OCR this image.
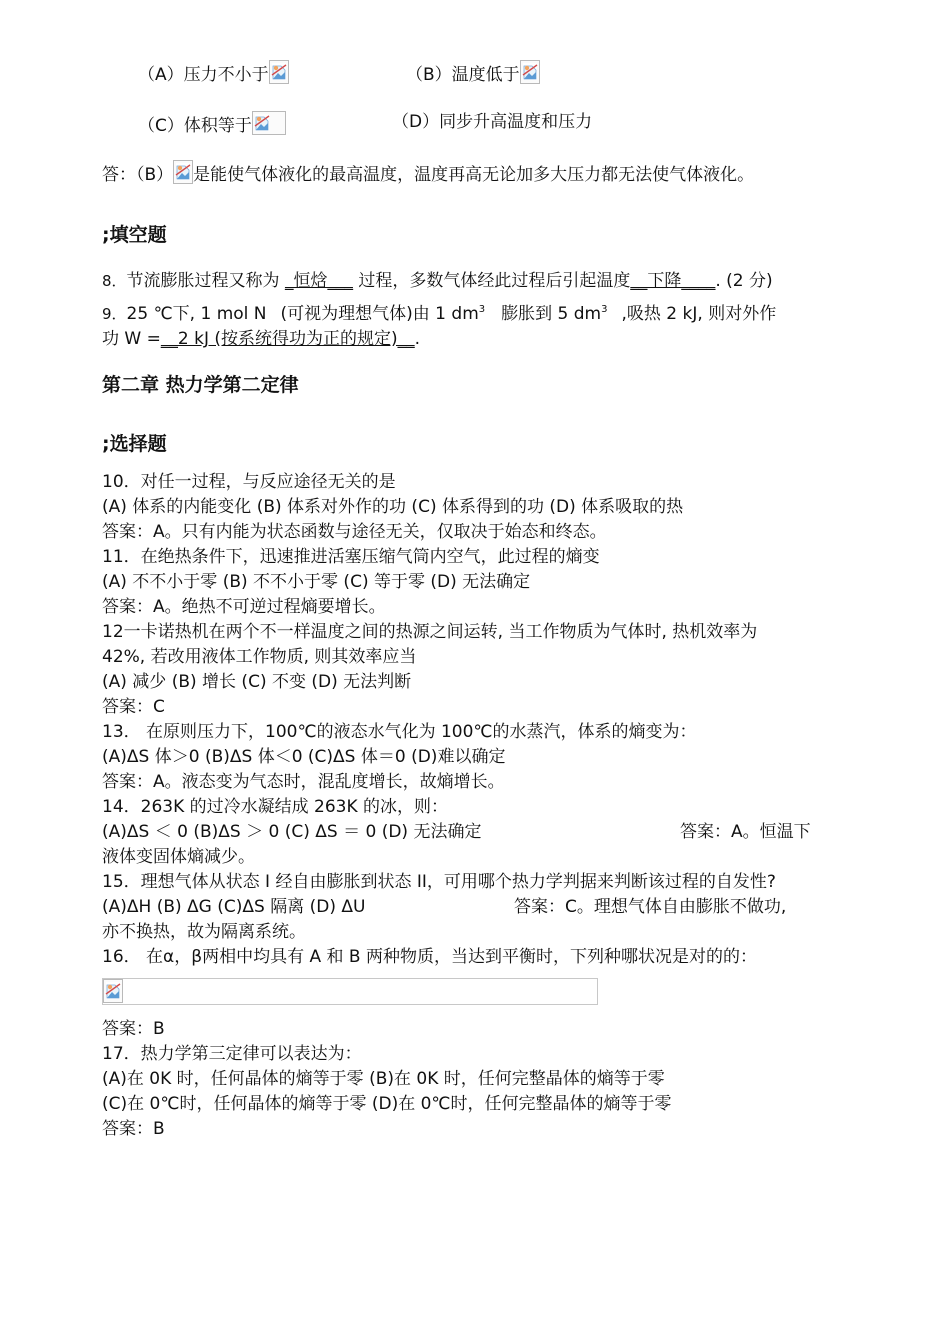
（A）压力不小于	（B）温度低于
（C）体积等于	（D）同步升高温度和压力
答：（B） 是能使气体液化的最高温度，温度再高无论加多大压力都无法使气体液化。
;填空题
8．节流膨胀过程又称为 _恒焓___ 过程，多数气体经此过程后引起温度__下降____. (2 分)
9．25 ℃下, 1 mol N (可视为理想气体)由 1 $dm^3$ 膨胀到 5 $dm^3$ ,吸热 2 kJ, 则对外作
功 W =__2 kJ (按系统得功为正的规定)__.
第二章 热力学第二定律
;选择题
10．对任一过程，与反应途径无关的是
(A) 体系的内能变化 (B) 体系对外作的功 (C) 体系得到的功 (D) 体系吸取的热
答案：A。只有内能为状态函数与途径无关，仅取决于始态和终态。
11．在绝热条件下，迅速推进活塞压缩气筒内空气，此过程的熵变
(A) 不不小于零 (B) 不不小于零 (C) 等于零 (D) 无法确定
答案：A。绝热不可逆过程熵要增长。
12一卡诺热机在两个不一样温度之间的热源之间运转, 当工作物质为气体时, 热机效率为
42%, 若改用液体工作物质, 则其效率应当
(A) 减少 (B) 增长 (C) 不变 (D) 无法判断
答案：C
13． 在原则压力下，100℃的液态水气化为 100℃的水蒸汽，体系的熵变为：
(A)ΔS 体＞0 (B)ΔS 体＜0 (C)ΔS 体＝0 (D)难以确定
答案：A。液态变为气态时，混乱度增长，故熵增长。
14．263K 的过冷水凝结成 263K 的冰，则：
(A)ΔS ＜ 0 (B)ΔS ＞ 0 (C) ΔS ＝ 0 (D) 无法确定	答案：A。恒温下
液体变固体熵减少。
15．理想气体从状态 I 经自由膨胀到状态 II，可用哪个热力学判据来判断该过程的自发性?
(A)ΔH (B) ΔG (C)ΔS 隔离 (D) ΔU	答案：C。理想气体自由膨胀不做功,
亦不换热，故为隔离系统。
16． 在α，β两相中均具有 A 和 B 两种物质，当达到平衡时，下列种哪状况是对的的：
答案：B
17．热力学第三定律可以表达为：
(A)在 0K 时，任何晶体的熵等于零 (B)在 0K 时，任何完整晶体的熵等于零
(C)在 0℃时，任何晶体的熵等于零 (D)在 0℃时，任何完整晶体的熵等于零
答案：B
